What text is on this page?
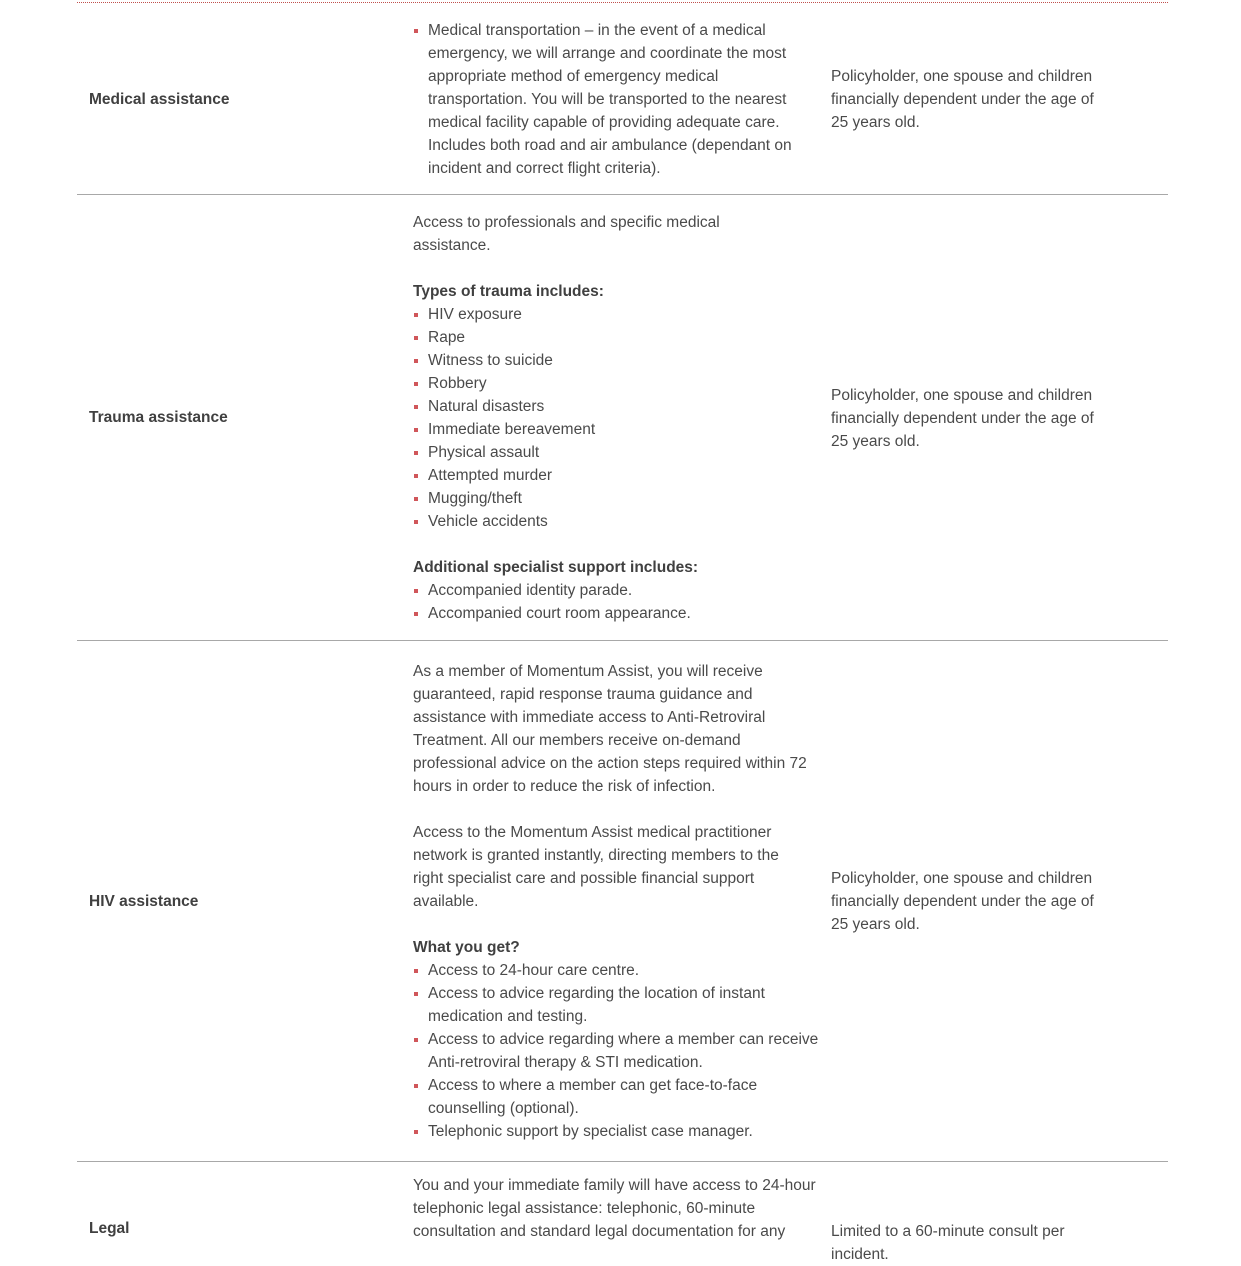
Medical assistance
Medical transportation – in the event of a medical emergency, we will arrange and coordinate the most appropriate method of emergency medical transportation. You will be transported to the nearest medical facility capable of providing adequate care. Includes both road and air ambulance (dependant on incident and correct flight criteria).
Policyholder, one spouse and children financially dependent under the age of 25 years old.
Trauma assistance

Access to professionals and specific medical assistance.

Types of trauma includes:

HIV exposure
Rape
Witness to suicide
Robbery
Natural disasters
Immediate bereavement
Physical assault
Attempted murder
Mugging/theft
Vehicle accidents

Additional specialist support includes:

Accompanied identity parade.
Accompanied court room appearance.
Policyholder, one spouse and children financially dependent under the age of 25 years old.
HIV assistance

As a member of Momentum Assist, you will receive guaranteed, rapid response trauma guidance and assistance with immediate access to Anti-Retroviral Treatment. All our members receive on-demand professional advice on the action steps required within 72 hours in order to reduce the risk of infection.

Access to the Momentum Assist medical practitioner network is granted instantly, directing members to the right specialist care and possible financial support available.

What you get?

Access to 24-hour care centre.
Access to advice regarding the location of instant medication and testing.
Access to advice regarding where a member can receive Anti-retroviral therapy & STI medication.
Access to where a member can get face-to-face counselling (optional).
Telephonic support by specialist case manager.
Policyholder, one spouse and children financially dependent under the age of 25 years old.
Legal

You and your immediate family will have access to 24-hour telephonic legal assistance: telephonic, 60-minute consultation and standard legal documentation for any	Limited to a 60-minute consult per incident.
